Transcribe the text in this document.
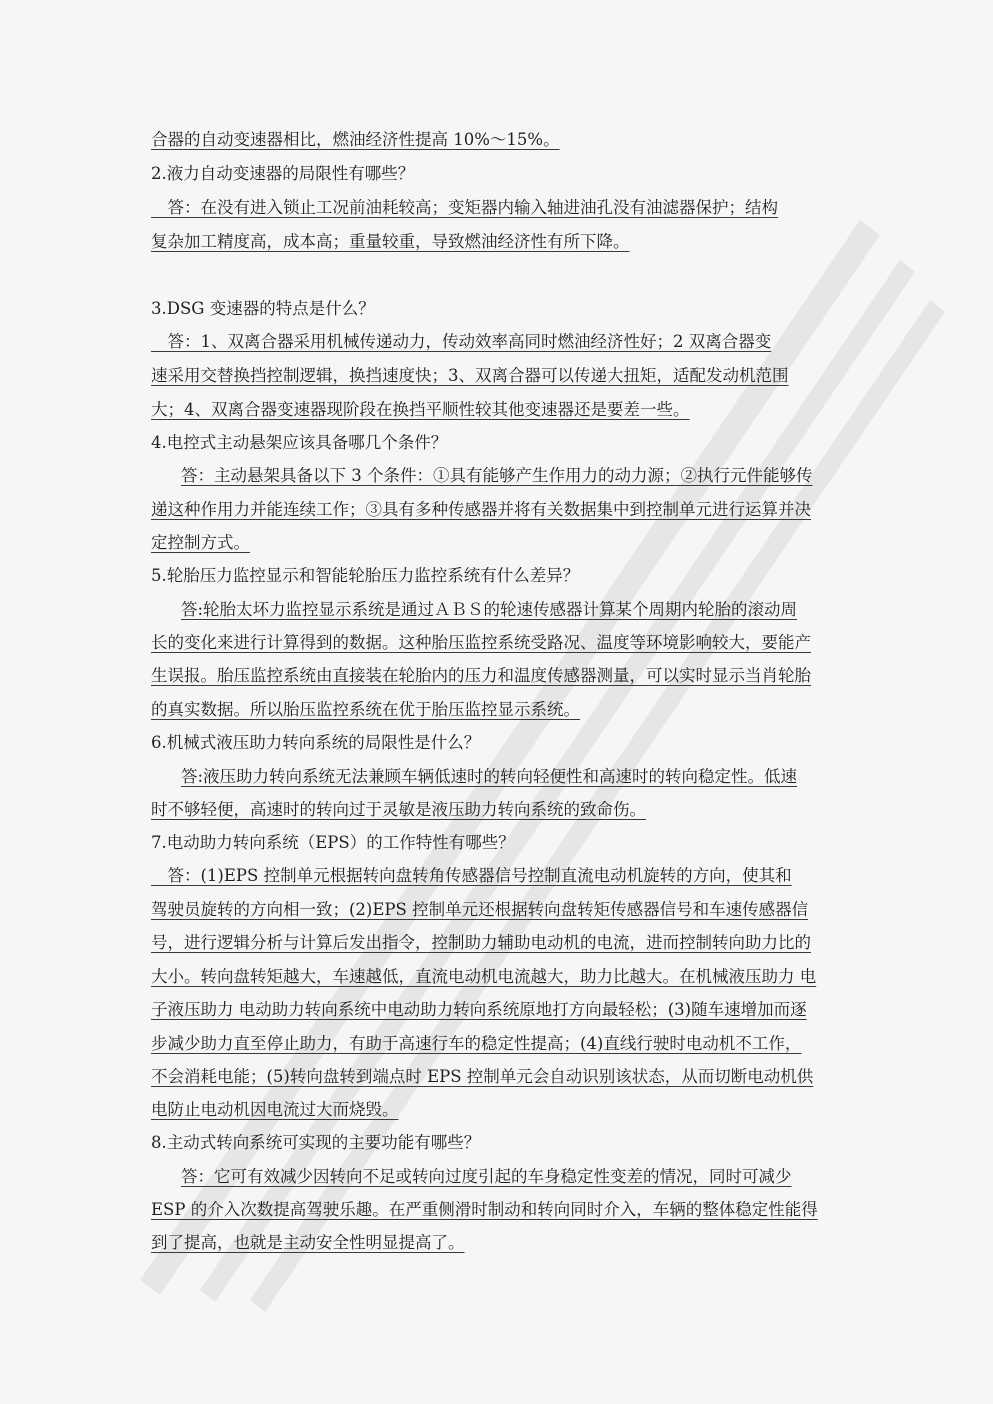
合器的自动变速器相比，燃油经济性提高 10%～15%。
2.液力自动变速器的局限性有哪些？
　答：在没有进入锁止工况前油耗较高；变矩器内输入轴进油孔没有油滤器保护；结构
复杂加工精度高，成本高；重量较重，导致燃油经济性有所下降。
3.DSG 变速器的特点是什么？
　答：1、双离合器采用机械传递动力，传动效率高同时燃油经济性好；2 双离合器变
速采用交替换挡控制逻辑，换挡速度快；3、双离合器可以传递大扭矩，适配发动机范围
大；4、双离合器变速器现阶段在换挡平顺性较其他变速器还是要差一些。
4.电控式主动悬架应该具备哪几个条件？
答：主动悬架具备以下 3 个条件：①具有能够产生作用力的动力源；②执行元件能够传
递这种作用力并能连续工作；③具有多种传感器并将有关数据集中到控制单元进行运算并决
定控制方式。
5.轮胎压力监控显示和智能轮胎压力监控系统有什么差异？
答:轮胎太坏力监控显示系统是通过ＡＢＳ的轮速传感器计算某个周期内轮胎的滚动周
长的变化来进行计算得到的数据。这种胎压监控系统受路况、温度等环境影响较大，要能产
生误报。胎压监控系统由直接装在轮胎内的压力和温度传感器测量，可以实时显示当肖轮胎
的真实数据。所以胎压监控系统在优于胎压监控显示系统。
6.机械式液压助力转向系统的局限性是什么？
答:液压助力转向系统无法兼顾车辆低速时的转向轻便性和高速时的转向稳定性。低速
时不够轻便，高速时的转向过于灵敏是液压助力转向系统的致命伤。
7.电动助力转向系统（EPS）的工作特性有哪些？
　答：(1)EPS 控制单元根据转向盘转角传感器信号控制直流电动机旋转的方向，使其和
驾驶员旋转的方向相一致；(2)EPS 控制单元还根据转向盘转矩传感器信号和车速传感器信
号，进行逻辑分析与计算后发出指令，控制助力辅助电动机的电流，进而控制转向助力比的
大小。转向盘转矩越大，车速越低，直流电动机电流越大，助力比越大。在机械液压助力 电
子液压助力 电动助力转向系统中电动助力转向系统原地打方向最轻松；(3)随车速增加而逐
步减少助力直至停止助力，有助于高速行车的稳定性提高；(4)直线行驶时电动机不工作，
不会消耗电能；(5)转向盘转到端点时 EPS 控制单元会自动识别该状态，从而切断电动机供
电防止电动机因电流过大而烧毁。
8.主动式转向系统可实现的主要功能有哪些？
答：它可有效减少因转向不足或转向过度引起的车身稳定性变差的情况，同时可减少
ESP 的介入次数提高驾驶乐趣。在严重侧滑时制动和转向同时介入，车辆的整体稳定性能得
到了提高，也就是主动安全性明显提高了。
